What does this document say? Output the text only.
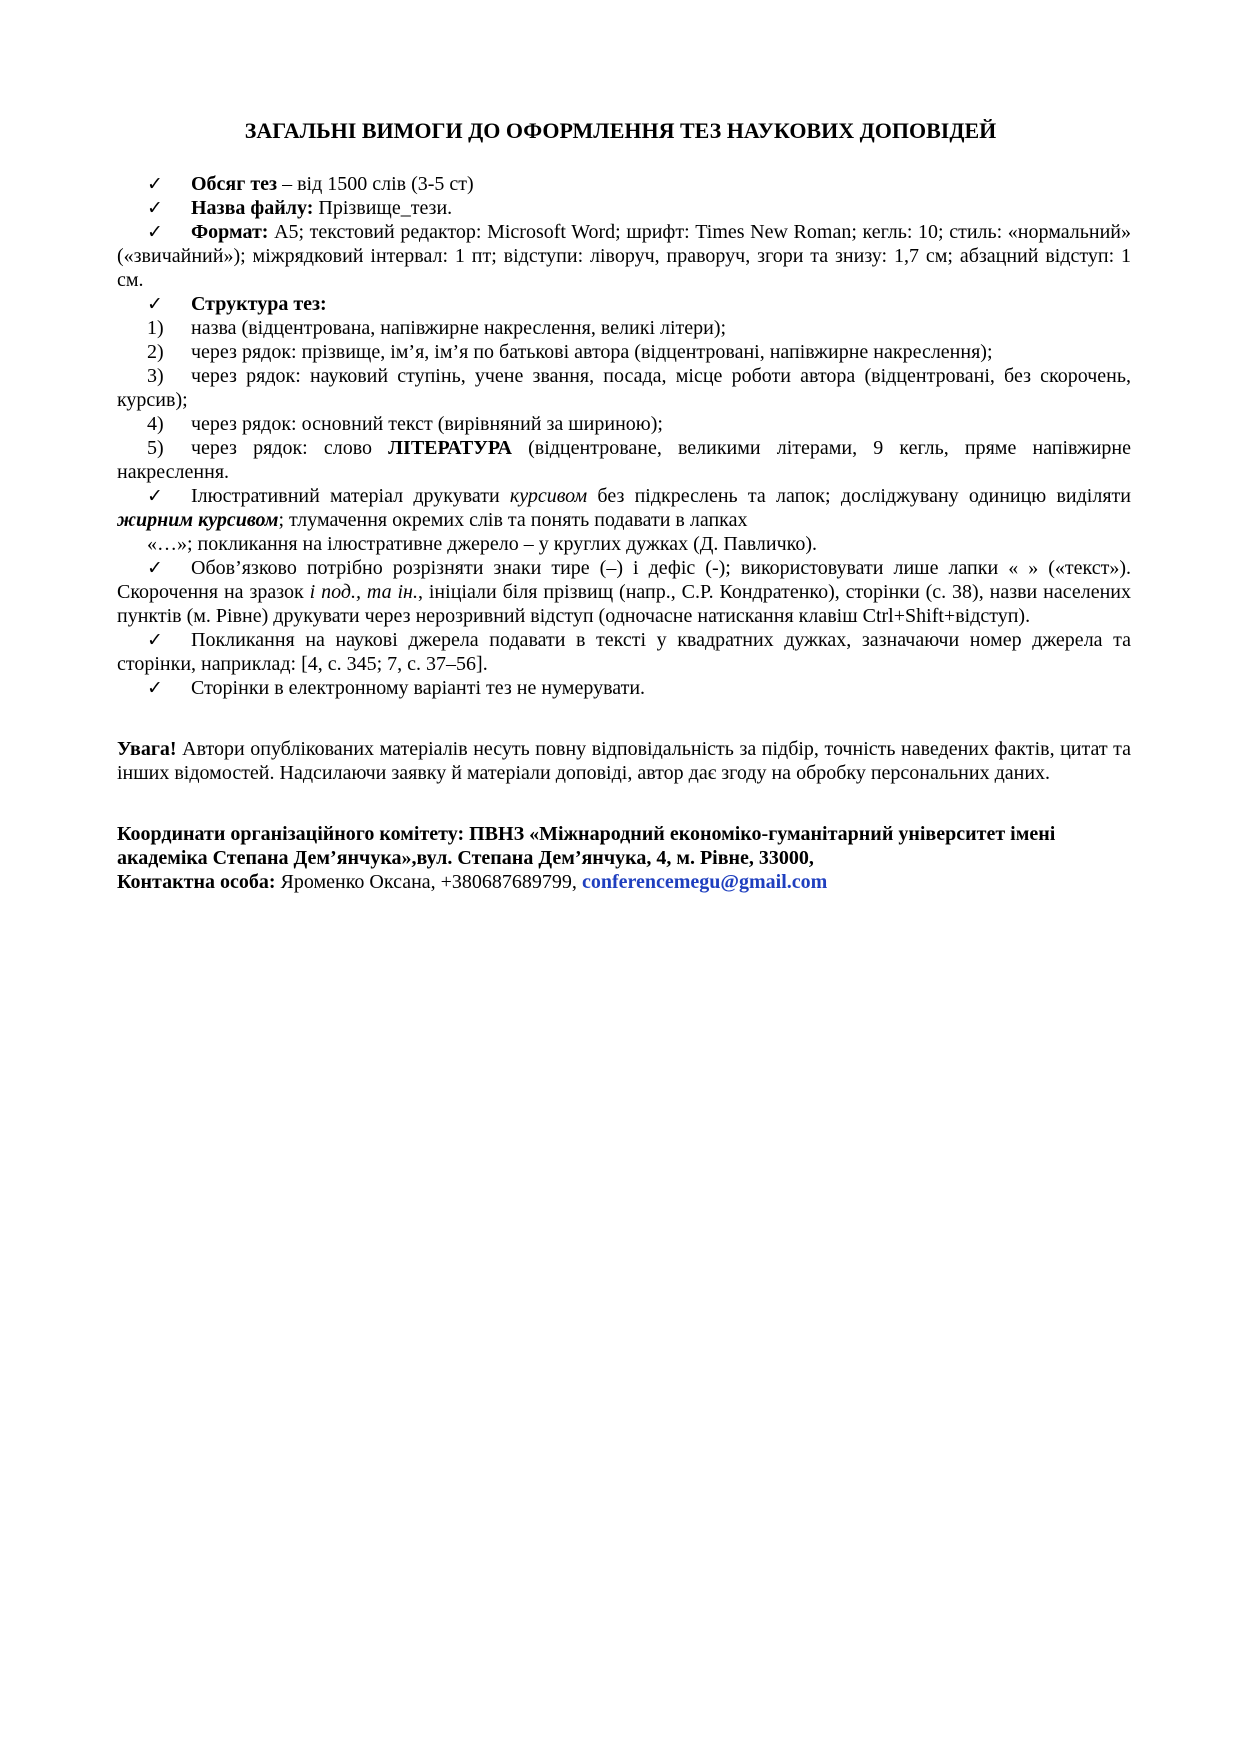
ЗАГАЛЬНІ ВИМОГИ ДО ОФОРМЛЕННЯ ТЕЗ НАУКОВИХ ДОПОВІДЕЙ

✓ Обсяг тез – від 1500 слів (3-5 ст)

✓ Назва файлу: Прізвище_тези.

✓ Формат: А5; текстовий редактор: Microsoft Word; шрифт: Times New Roman; кегль: 10; стиль: «нормальний» («звичайний»); міжрядковий інтервал: 1 пт; відступи: ліворуч, праворуч, згори та знизу: 1,7 см; абзацний відступ: 1 см.

✓ Структура тез:

1) назва (відцентрована, напівжирне накреслення, великі літери);

2) через рядок: прізвище, ім’я, ім’я по батькові автора (відцентровані, напівжирне накреслення);

3) через рядок: науковий ступінь, учене звання, посада, місце роботи автора (відцентровані, без скорочень, курсив);

4) через рядок: основний текст (вирівняний за шириною);

5) через рядок: слово ЛІТЕРАТУРА (відцентроване, великими літерами, 9 кегль, пряме напівжирне накреслення.

✓ Ілюстративний матеріал друкувати курсивом без підкреслень та лапок; досліджувану одиницю виділяти жирним курсивом; тлумачення окремих слів та понять подавати в лапках

«…»; покликання на ілюстративне джерело – у круглих дужках (Д. Павличко).

✓ Обов’язково потрібно розрізняти знаки тире (–) і дефіс (-); використовувати лише лапки « » («текст»). Скорочення на зразок і под., та ін., ініціали біля прізвищ (напр., С.Р. Кондратенко), сторінки (с. 38), назви населених пунктів (м. Рівне) друкувати через нерозривний відступ (одночасне натискання клавіш Ctrl+Shift+відступ).

✓ Покликання на наукові джерела подавати в тексті у квадратних дужках, зазначаючи номер джерела та сторінки, наприклад: [4, с. 345; 7, с. 37–56].

✓ Сторінки в електронному варіанті тез не нумерувати.

Увага! Автори опублікованих матеріалів несуть повну відповідальність за підбір, точність наведених фактів, цитат та інших відомостей. Надсилаючи заявку й матеріали доповіді, автор дає згоду на обробку персональних даних.

Координати організаційного комітету: ПВНЗ «Міжнародний економіко-гуманітарний університет імені академіка Степана Дем’янчука»,вул. Степана Дем’янчука, 4, м. Рівне, 33000,
Контактна особа: Яроменко Оксана, +380687689799, conferencemegu@gmail.com
